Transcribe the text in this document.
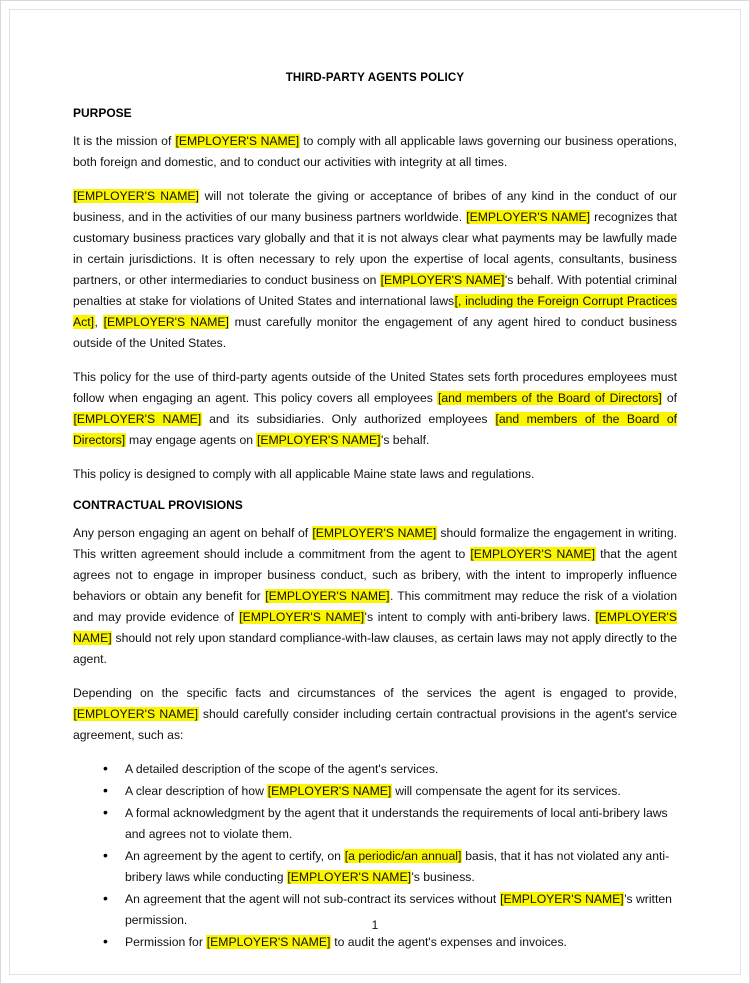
THIRD-PARTY AGENTS POLICY
PURPOSE

It is the mission of [EMPLOYER'S NAME] to comply with all applicable laws governing our business operations, both foreign and domestic, and to conduct our activities with integrity at all times.

[EMPLOYER'S NAME] will not tolerate the giving or acceptance of bribes of any kind in the conduct of our business, and in the activities of our many business partners worldwide. [EMPLOYER'S NAME] recognizes that customary business practices vary globally and that it is not always clear what payments may be lawfully made in certain jurisdictions. It is often necessary to rely upon the expertise of local agents, consultants, business partners, or other intermediaries to conduct business on [EMPLOYER'S NAME]'s behalf. With potential criminal penalties at stake for violations of United States and international laws[, including the Foreign Corrupt Practices Act], [EMPLOYER'S NAME] must carefully monitor the engagement of any agent hired to conduct business outside of the United States.

This policy for the use of third-party agents outside of the United States sets forth procedures employees must follow when engaging an agent. This policy covers all employees [and members of the Board of Directors] of [EMPLOYER'S NAME] and its subsidiaries. Only authorized employees [and members of the Board of Directors] may engage agents on [EMPLOYER'S NAME]'s behalf.

This policy is designed to comply with all applicable Maine state laws and regulations.

CONTRACTUAL PROVISIONS

Any person engaging an agent on behalf of [EMPLOYER'S NAME] should formalize the engagement in writing. This written agreement should include a commitment from the agent to [EMPLOYER'S NAME] that the agent agrees not to engage in improper business conduct, such as bribery, with the intent to improperly influence behaviors or obtain any benefit for [EMPLOYER'S NAME]. This commitment may reduce the risk of a violation and may provide evidence of [EMPLOYER'S NAME]'s intent to comply with anti-bribery laws. [EMPLOYER'S NAME] should not rely upon standard compliance-with-law clauses, as certain laws may not apply directly to the agent.

Depending on the specific facts and circumstances of the services the agent is engaged to provide, [EMPLOYER'S NAME] should carefully consider including certain contractual provisions in the agent's service agreement, such as:

• A detailed description of the scope of the agent's services.
• A clear description of how [EMPLOYER'S NAME] will compensate the agent for its services.
• A formal acknowledgment by the agent that it understands the requirements of local anti-bribery laws and agrees not to violate them.
• An agreement by the agent to certify, on [a periodic/an annual] basis, that it has not violated any anti-bribery laws while conducting [EMPLOYER'S NAME]'s business.
• An agreement that the agent will not sub-contract its services without [EMPLOYER'S NAME]'s written permission.
• Permission for [EMPLOYER'S NAME] to audit the agent's expenses and invoices.
1
